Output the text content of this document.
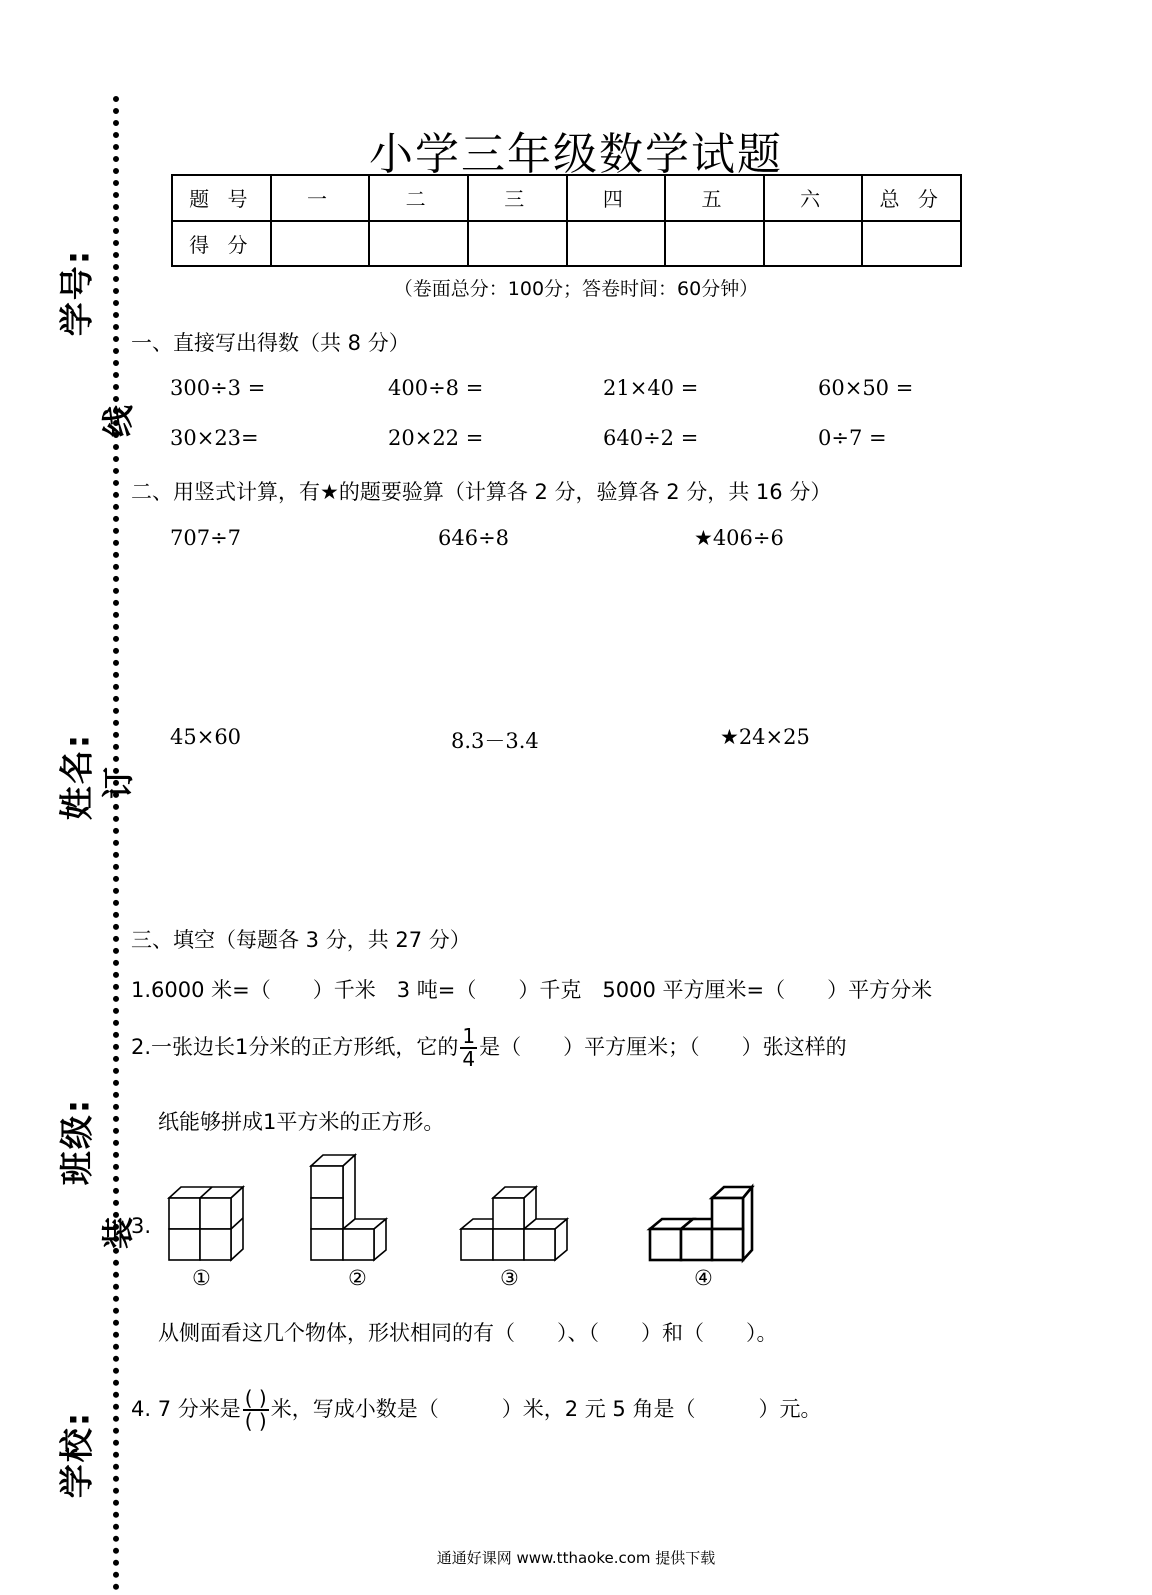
学号:
姓名:
班级:
学校:
线
订
装
小学三年级数学试题
题 号	一	二	三	四	五	六	总 分
得 分							
（卷面总分：100分；答卷时间：60分钟）
一、直接写出得数（共 8 分）
300÷3 =	400÷8 =	21×40 =	60×50 =
30×23=	20×22 =	640÷2 =	0÷7 =
二、用竖式计算，有★的题要验算（计算各 2 分，验算各 2 分，共 16 分）
707÷7	646÷8	★406÷6
45×60	8.3－3.4	★24×25
三、填空（每题各 3 分，共 27 分）
1.6000 米=（　　）千米　3 吨=（　　）千克　5000 平方厘米=（　　）平方分米
2.一张边长1分米的正方形纸，它的 $\frac{1}{4}$ 是（　　）平方厘米；（　　）张这样的
纸能够拼成1平方米的正方形。
3.
①	②	③	④
从侧面看这几个物体，形状相同的有（　　）、（　　）和（　　）。
4. 7 分米是 $\frac{( )}{( )}$ 米，写成小数是（　　　）米，2 元 5 角是（　　　）元。
通通好课网 www.tthaoke.com 提供下载
